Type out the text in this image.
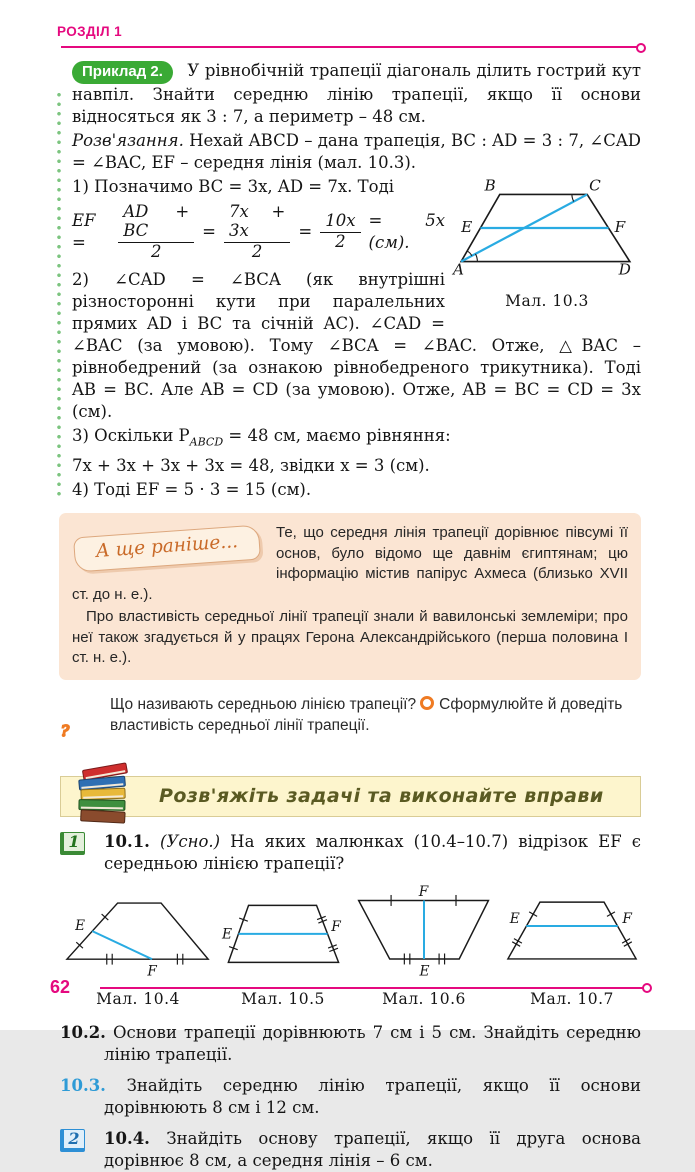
РОЗДІЛ 1

Приклад 2. У рівнобічній трапеції діагональ ділить гострий кут навпіл. Знайти середню лінію трапеції, якщо її основи відносяться як 3 : 7, а периметр – 48 см.

Розв'язання. Нехай ABCD – дана трапеція, BC : AD = 3 : 7, ∠CAD = ∠BAC, EF – середня лінія (мал. 10.3).

B	C
E	F
A	D
Мал. 10.3

1) Позначимо BC = 3x, AD = 7x. Тоді

EF =	$\frac{AD + BC}{2} = \frac{7x + 3x}{2} = \frac{10x}{2} = 5x$ (см).

2) ∠CAD = ∠BCA (як внутрішні різносторонні кути при паралельних прямих AD і BC та січній AC). ∠CAD = ∠BAC (за умовою). Тому ∠BCA = ∠BAC. Отже, △BAC – рівнобедрений (за ознакою рівнобедреного трикутника). Тоді AB = BC. Але AB = CD (за умовою). Отже, AB = BC = CD = 3x (см).

3) Оскільки $P_{ABCD} = 48$ см, маємо рівняння:

7x + 3x + 3x + 3x = 48, звідки x = 3 (см).

4) Тоді EF = 5 · 3 = 15 (см).

А ще раніше...	Те, що середня лінія трапеції дорівнює півсумі її основ, було відомо ще давнім єгиптянам; цю інформацію містив папірус Ахмеса (близько XVII ст. до н. е.).

Про властивість середньої лінії трапеції знали й вавилонські землеміри; про неї також згадується й у працях Герона Александрійського (перша половина I ст. н. е.).

?
Що називають середньою лінією трапеції? Сформулюйте й доведіть властивість середньої лінії трапеції.
Розв'яжіть задачі та виконайте вправи
1	10.1. (Усно.) На яких малюнках (10.4–10.7) відрізок EF є середньою лінією трапеції?
E
F
Мал. 10.4
E	F
Мал. 10.5
F
E
Мал. 10.6
E	F
Мал. 10.7
10.2. Основи трапеції дорівнюють 7 см і 5 см. Знайдіть середню лінію трапеції.
10.3. Знайдіть середню лінію трапеції, якщо її основи дорівнюють 8 см і 12 см.
2	10.4. Знайдіть основу трапеції, якщо її друга основа дорівнює 8 см, а середня лінія – 6 см.
62
